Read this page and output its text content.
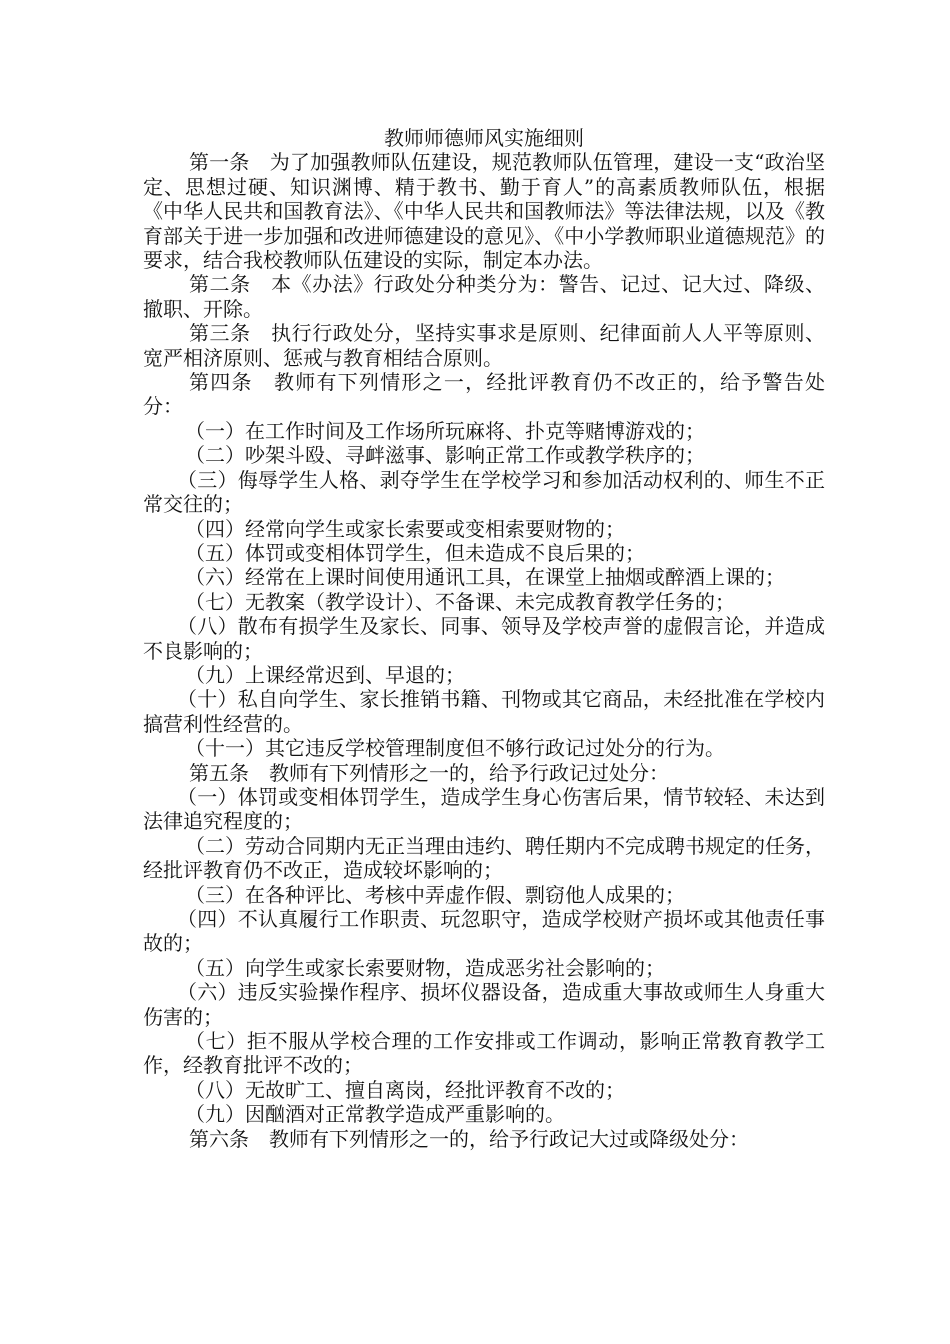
教师师德师风实施细则

第一条　为了加强教师队伍建设，规范教师队伍管理，建设一支“政治坚定、思想过硬、知识渊博、精于教书、勤于育人”的高素质教师队伍，根据《中华人民共和国教育法》、《中华人民共和国教师法》等法律法规，以及《教育部关于进一步加强和改进师德建设的意见》、《中小学教师职业道德规范》的要求，结合我校教师队伍建设的实际，制定本办法。

第二条　本《办法》行政处分种类分为：警告、记过、记大过、降级、撤职、开除。

第三条　执行行政处分，坚持实事求是原则、纪律面前人人平等原则、宽严相济原则、惩戒与教育相结合原则。

第四条　教师有下列情形之一，经批评教育仍不改正的，给予警告处分：

（一）在工作时间及工作场所玩麻将、扑克等赌博游戏的；

（二）吵架斗殴、寻衅滋事、影响正常工作或教学秩序的；

（三）侮辱学生人格、剥夺学生在学校学习和参加活动权利的、师生不正常交往的；

（四）经常向学生或家长索要或变相索要财物的；

（五）体罚或变相体罚学生，但未造成不良后果的；

（六）经常在上课时间使用通讯工具，在课堂上抽烟或醉酒上课的；

（七）无教案（教学设计）、不备课、未完成教育教学任务的；

（八）散布有损学生及家长、同事、领导及学校声誉的虚假言论，并造成不良影响的；

（九）上课经常迟到、早退的；

（十）私自向学生、家长推销书籍、刊物或其它商品，未经批准在学校内搞营利性经营的。

（十一）其它违反学校管理制度但不够行政记过处分的行为。

第五条　教师有下列情形之一的，给予行政记过处分：

（一）体罚或变相体罚学生，造成学生身心伤害后果，情节较轻、未达到法律追究程度的；

（二）劳动合同期内无正当理由违约、聘任期内不完成聘书规定的任务，经批评教育仍不改正，造成较坏影响的；

（三）在各种评比、考核中弄虚作假、剽窃他人成果的；

（四）不认真履行工作职责、玩忽职守，造成学校财产损坏或其他责任事故的；

（五）向学生或家长索要财物，造成恶劣社会影响的；

（六）违反实验操作程序、损坏仪器设备，造成重大事故或师生人身重大伤害的；

（七）拒不服从学校合理的工作安排或工作调动，影响正常教育教学工作，经教育批评不改的；

（八）无故旷工、擅自离岗，经批评教育不改的；

（九）因酗酒对正常教学造成严重影响的。

第六条　教师有下列情形之一的，给予行政记大过或降级处分：
